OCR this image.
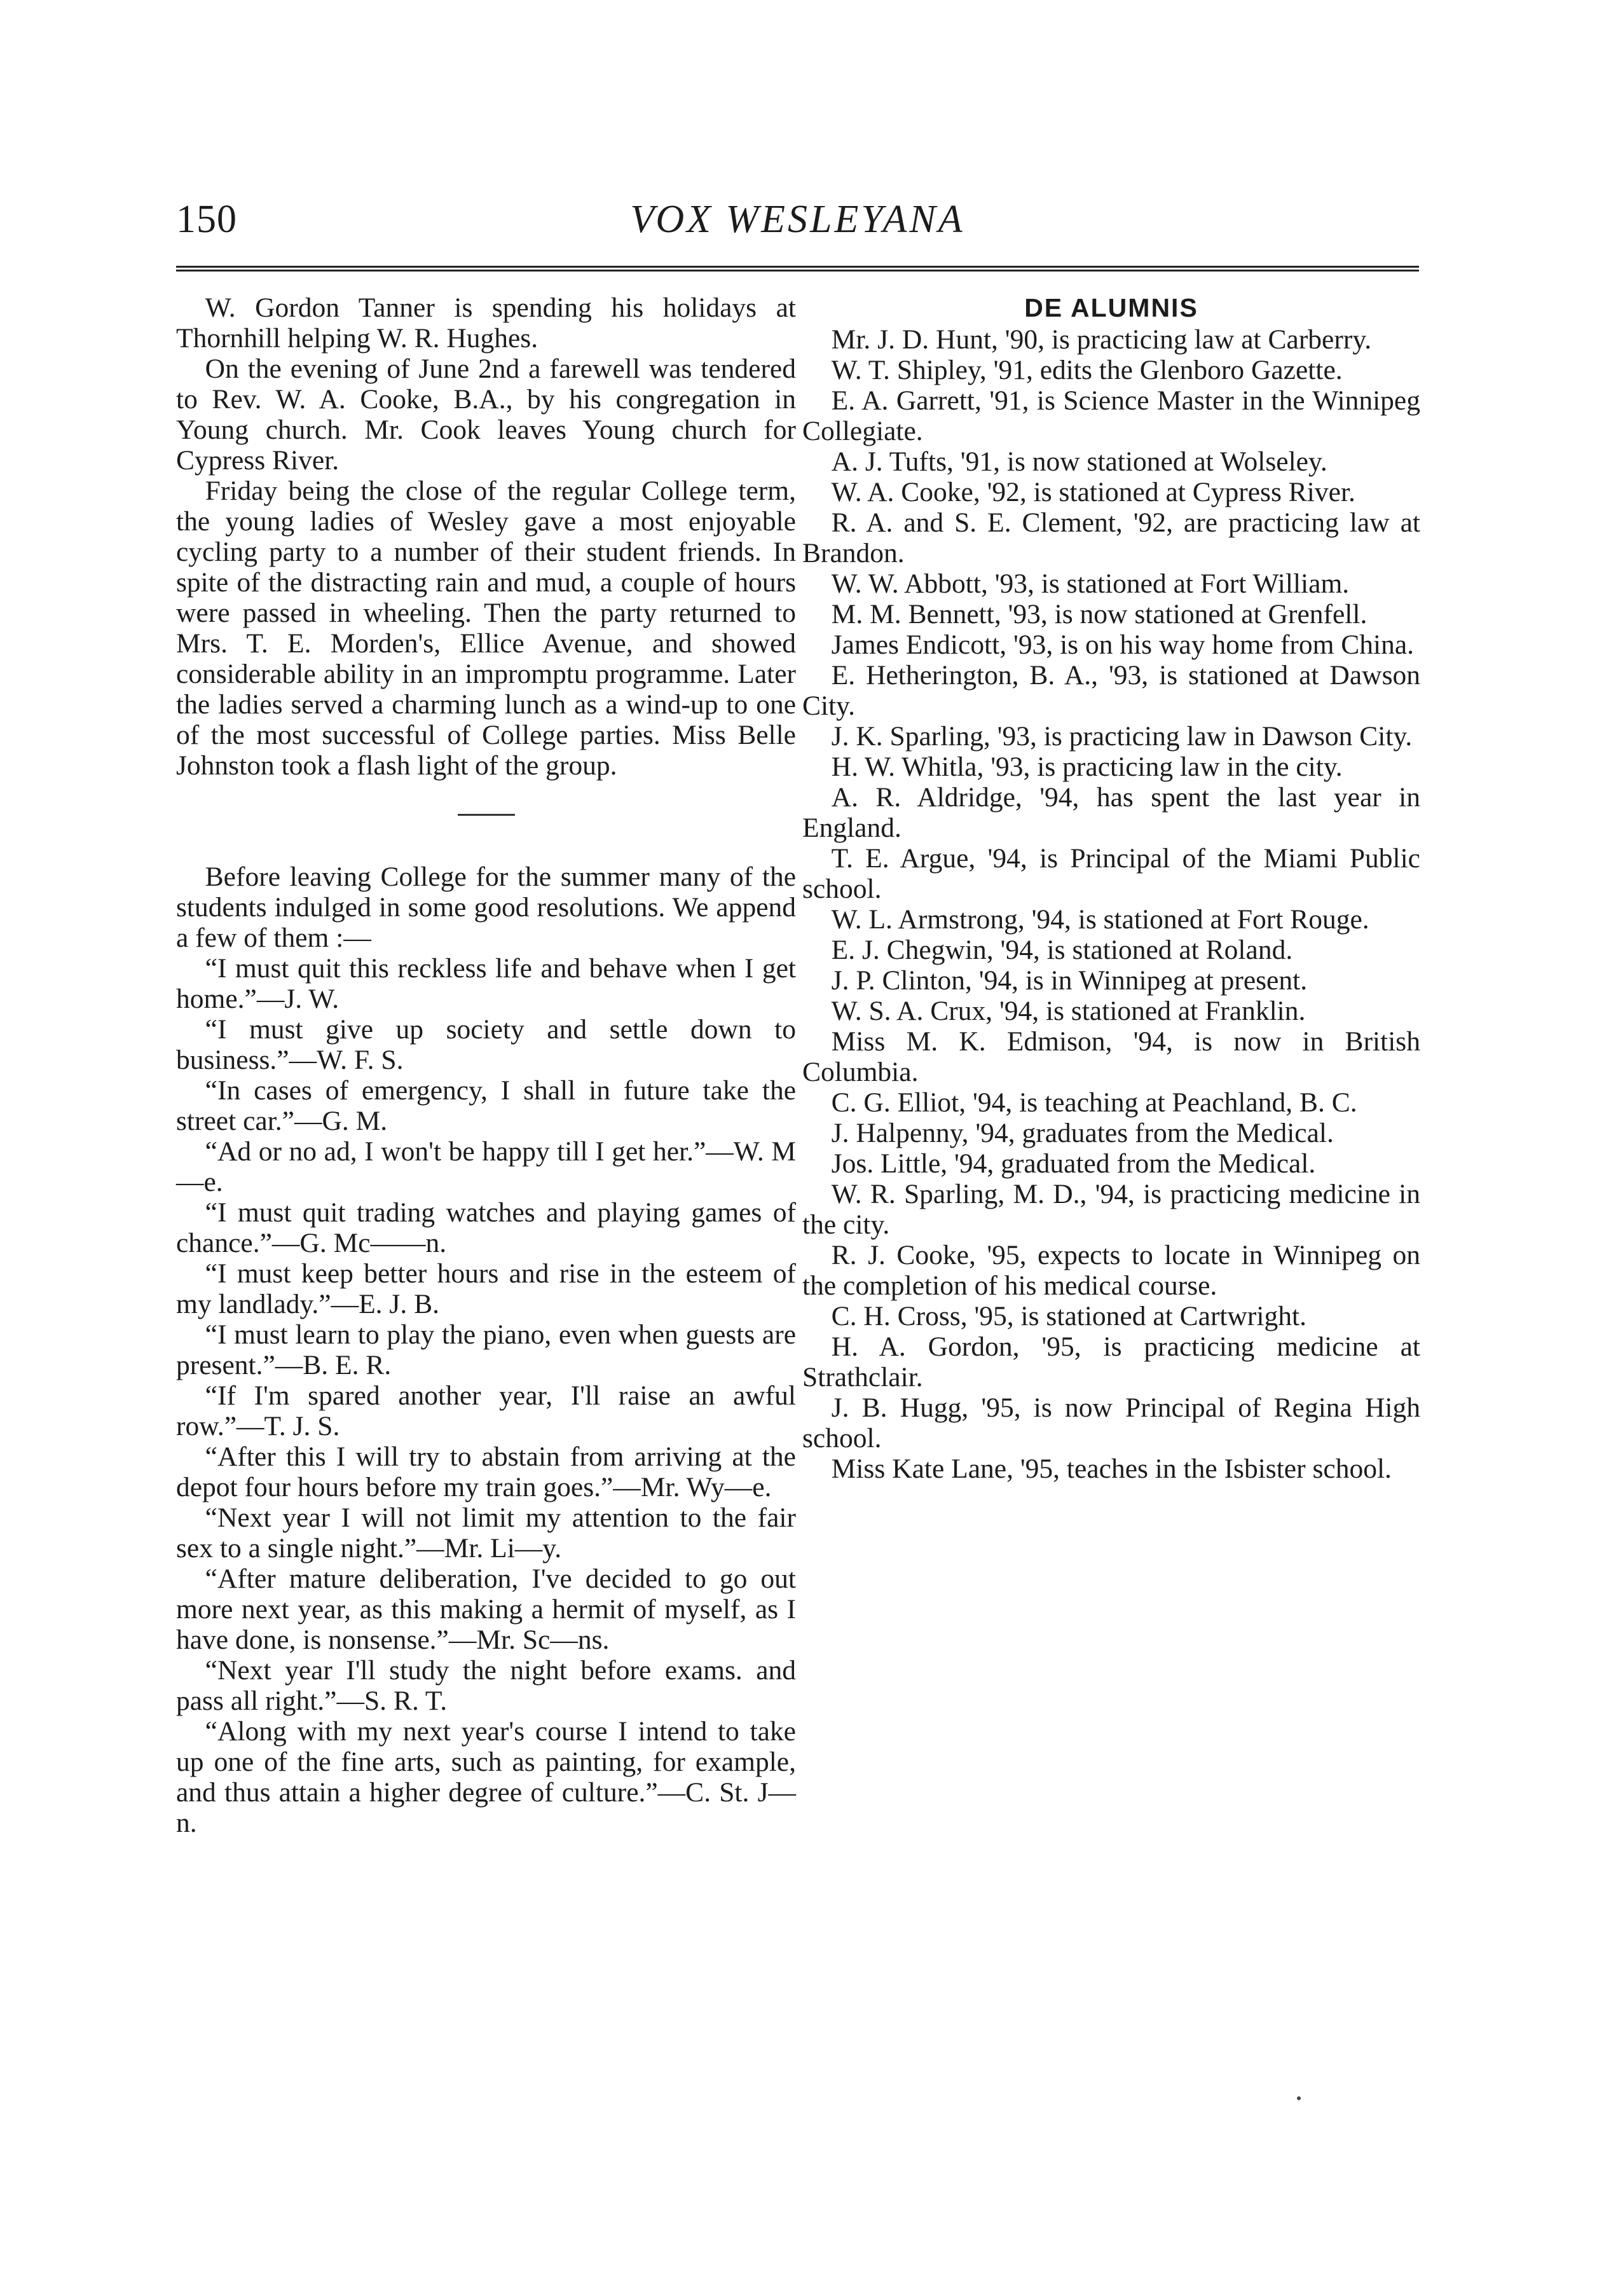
150	VOX WESLEYANA

W. Gordon Tanner is spending his holidays at Thornhill helping W. R. Hughes.

On the evening of June 2nd a farewell was tendered to Rev. W. A. Cooke, B.A., by his congregation in Young church. Mr. Cook leaves Young church for Cypress River.

Friday being the close of the regular College term, the young ladies of Wesley gave a most enjoyable cycling party to a number of their student friends. In spite of the distracting rain and mud, a couple of hours were passed in wheeling. Then the party returned to Mrs. T. E. Morden's, Ellice Avenue, and showed considerable ability in an impromptu programme. Later the ladies served a charming lunch as a wind-up to one of the most successful of College parties. Miss Belle Johnston took a flash light of the group.

Before leaving College for the summer many of the students indulged in some good resolutions. We append a few of them :—

“I must quit this reckless life and behave when I get home.”—J. W.

“I must give up society and settle down to business.”—W. F. S.

“In cases of emergency, I shall in future take the street car.”—G. M.

“Ad or no ad, I won't be happy till I get her.”—W. M—e.

“I must quit trading watches and playing games of chance.”—G. Mc——n.

“I must keep better hours and rise in the esteem of my landlady.”—E. J. B.

“I must learn to play the piano, even when guests are present.”—B. E. R.

“If I'm spared another year, I'll raise an awful row.”—T. J. S.

“After this I will try to abstain from arriving at the depot four hours before my train goes.”—Mr. Wy—e.

“Next year I will not limit my attention to the fair sex to a single night.”—Mr. Li—y.

“After mature deliberation, I've decided to go out more next year, as this making a hermit of myself, as I have done, is nonsense.”—Mr. Sc—ns.

“Next year I'll study the night before exams. and pass all right.”—S. R. T.

“Along with my next year's course I intend to take up one of the fine arts, such as painting, for example, and thus attain a higher degree of culture.”—C. St. J—n.

DE ALUMNIS

Mr. J. D. Hunt, '90, is practicing law at Carberry.

W. T. Shipley, '91, edits the Glenboro Gazette.

E. A. Garrett, '91, is Science Master in the Winnipeg Collegiate.

A. J. Tufts, '91, is now stationed at Wolseley.

W. A. Cooke, '92, is stationed at Cypress River.

R. A. and S. E. Clement, '92, are practicing law at Brandon.

W. W. Abbott, '93, is stationed at Fort William.

M. M. Bennett, '93, is now stationed at Grenfell.

James Endicott, '93, is on his way home from China.

E. Hetherington, B. A., '93, is stationed at Dawson City.

J. K. Sparling, '93, is practicing law in Dawson City.

H. W. Whitla, '93, is practicing law in the city.

A. R. Aldridge, '94, has spent the last year in England.

T. E. Argue, '94, is Principal of the Miami Public school.

W. L. Armstrong, '94, is stationed at Fort Rouge.

E. J. Chegwin, '94, is stationed at Roland.

J. P. Clinton, '94, is in Winnipeg at present.

W. S. A. Crux, '94, is stationed at Franklin.

Miss M. K. Edmison, '94, is now in British Columbia.

C. G. Elliot, '94, is teaching at Peachland, B. C.

J. Halpenny, '94, graduates from the Medical.

Jos. Little, '94, graduated from the Medical.

W. R. Sparling, M. D., '94, is practicing medicine in the city.

R. J. Cooke, '95, expects to locate in Winnipeg on the completion of his medical course.

C. H. Cross, '95, is stationed at Cartwright.

H. A. Gordon, '95, is practicing medicine at Strathclair.

J. B. Hugg, '95, is now Principal of Regina High school.

Miss Kate Lane, '95, teaches in the Isbister school.
